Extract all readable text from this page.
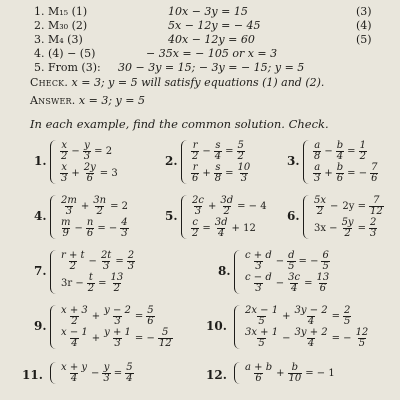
1. M₁₅ (1)	10x − 3y = 15	(3)
2. M₃₀ (2)	5x − 12y = − 45	(4)
3. M₄ (3)	40x − 12y = 60	(5)
4. (4) − (5)	− 35x = − 105 or x = 3
5. From (3): 30 − 3y = 15; − 3y = − 15; y = 5
Check. x = 3; y = 5 will satisfy equations (1) and (2).
Answer. x = 3; y = 5
In each example, find the common solution. Check.
1. $\frac{x}{2} - \frac{y}{3} = 2$
$\frac{x}{3} + \frac{2y}{6} = 3$
2. $\frac{r}{2} - \frac{s}{4} = \frac{5}{2}$
$\frac{r}{6} + \frac{s}{8} = \frac{10}{3}$
3. $\frac{a}{8} - \frac{b}{4} = \frac{1}{2}$
$\frac{a}{3} + \frac{b}{6}$ = − $\frac{7}{6}$
4. $\frac{2m}{3} + \frac{3n}{2} = 2$
$\frac{m}{9} - \frac{n}{6}$ = − $\frac{4}{3}$
5. $\frac{2c}{3} + \frac{3d}{2}$ = − 4
$\frac{c}{2} = \frac{3d}{4} + 12$
6. $\frac{5x}{2} - 2y = \frac{7}{12}$
$3x - \frac{5y}{2} = \frac{2}{3}$
7. $\frac{r + t}{2} - \frac{2t}{3} = \frac{2}{3}$
$3r - \frac{t}{2} = \frac{13}{2}$
8. $\frac{c + d}{3} - \frac{d}{5}$ = − $\frac{6}{5}$
$\frac{c - d}{3} - \frac{3c}{4} = \frac{13}{6}$
9. $\frac{x + 3}{2} + \frac{y - 2}{3} = \frac{5}{6}$
$\frac{x - 1}{4} + \frac{y + 1}{3}$ = − $\frac{5}{12}$
10. $\frac{2x - 1}{5} + \frac{3y - 2}{4} = \frac{2}{5}$
$\frac{3x + 1}{5} - \frac{3y + 2}{4}$ = − $\frac{12}{5}$
11. $\frac{x + y}{4} - \frac{y}{3} = \frac{5}{4}$	12. $\frac{a + b}{6} + \frac{b}{10}$ = − 1
